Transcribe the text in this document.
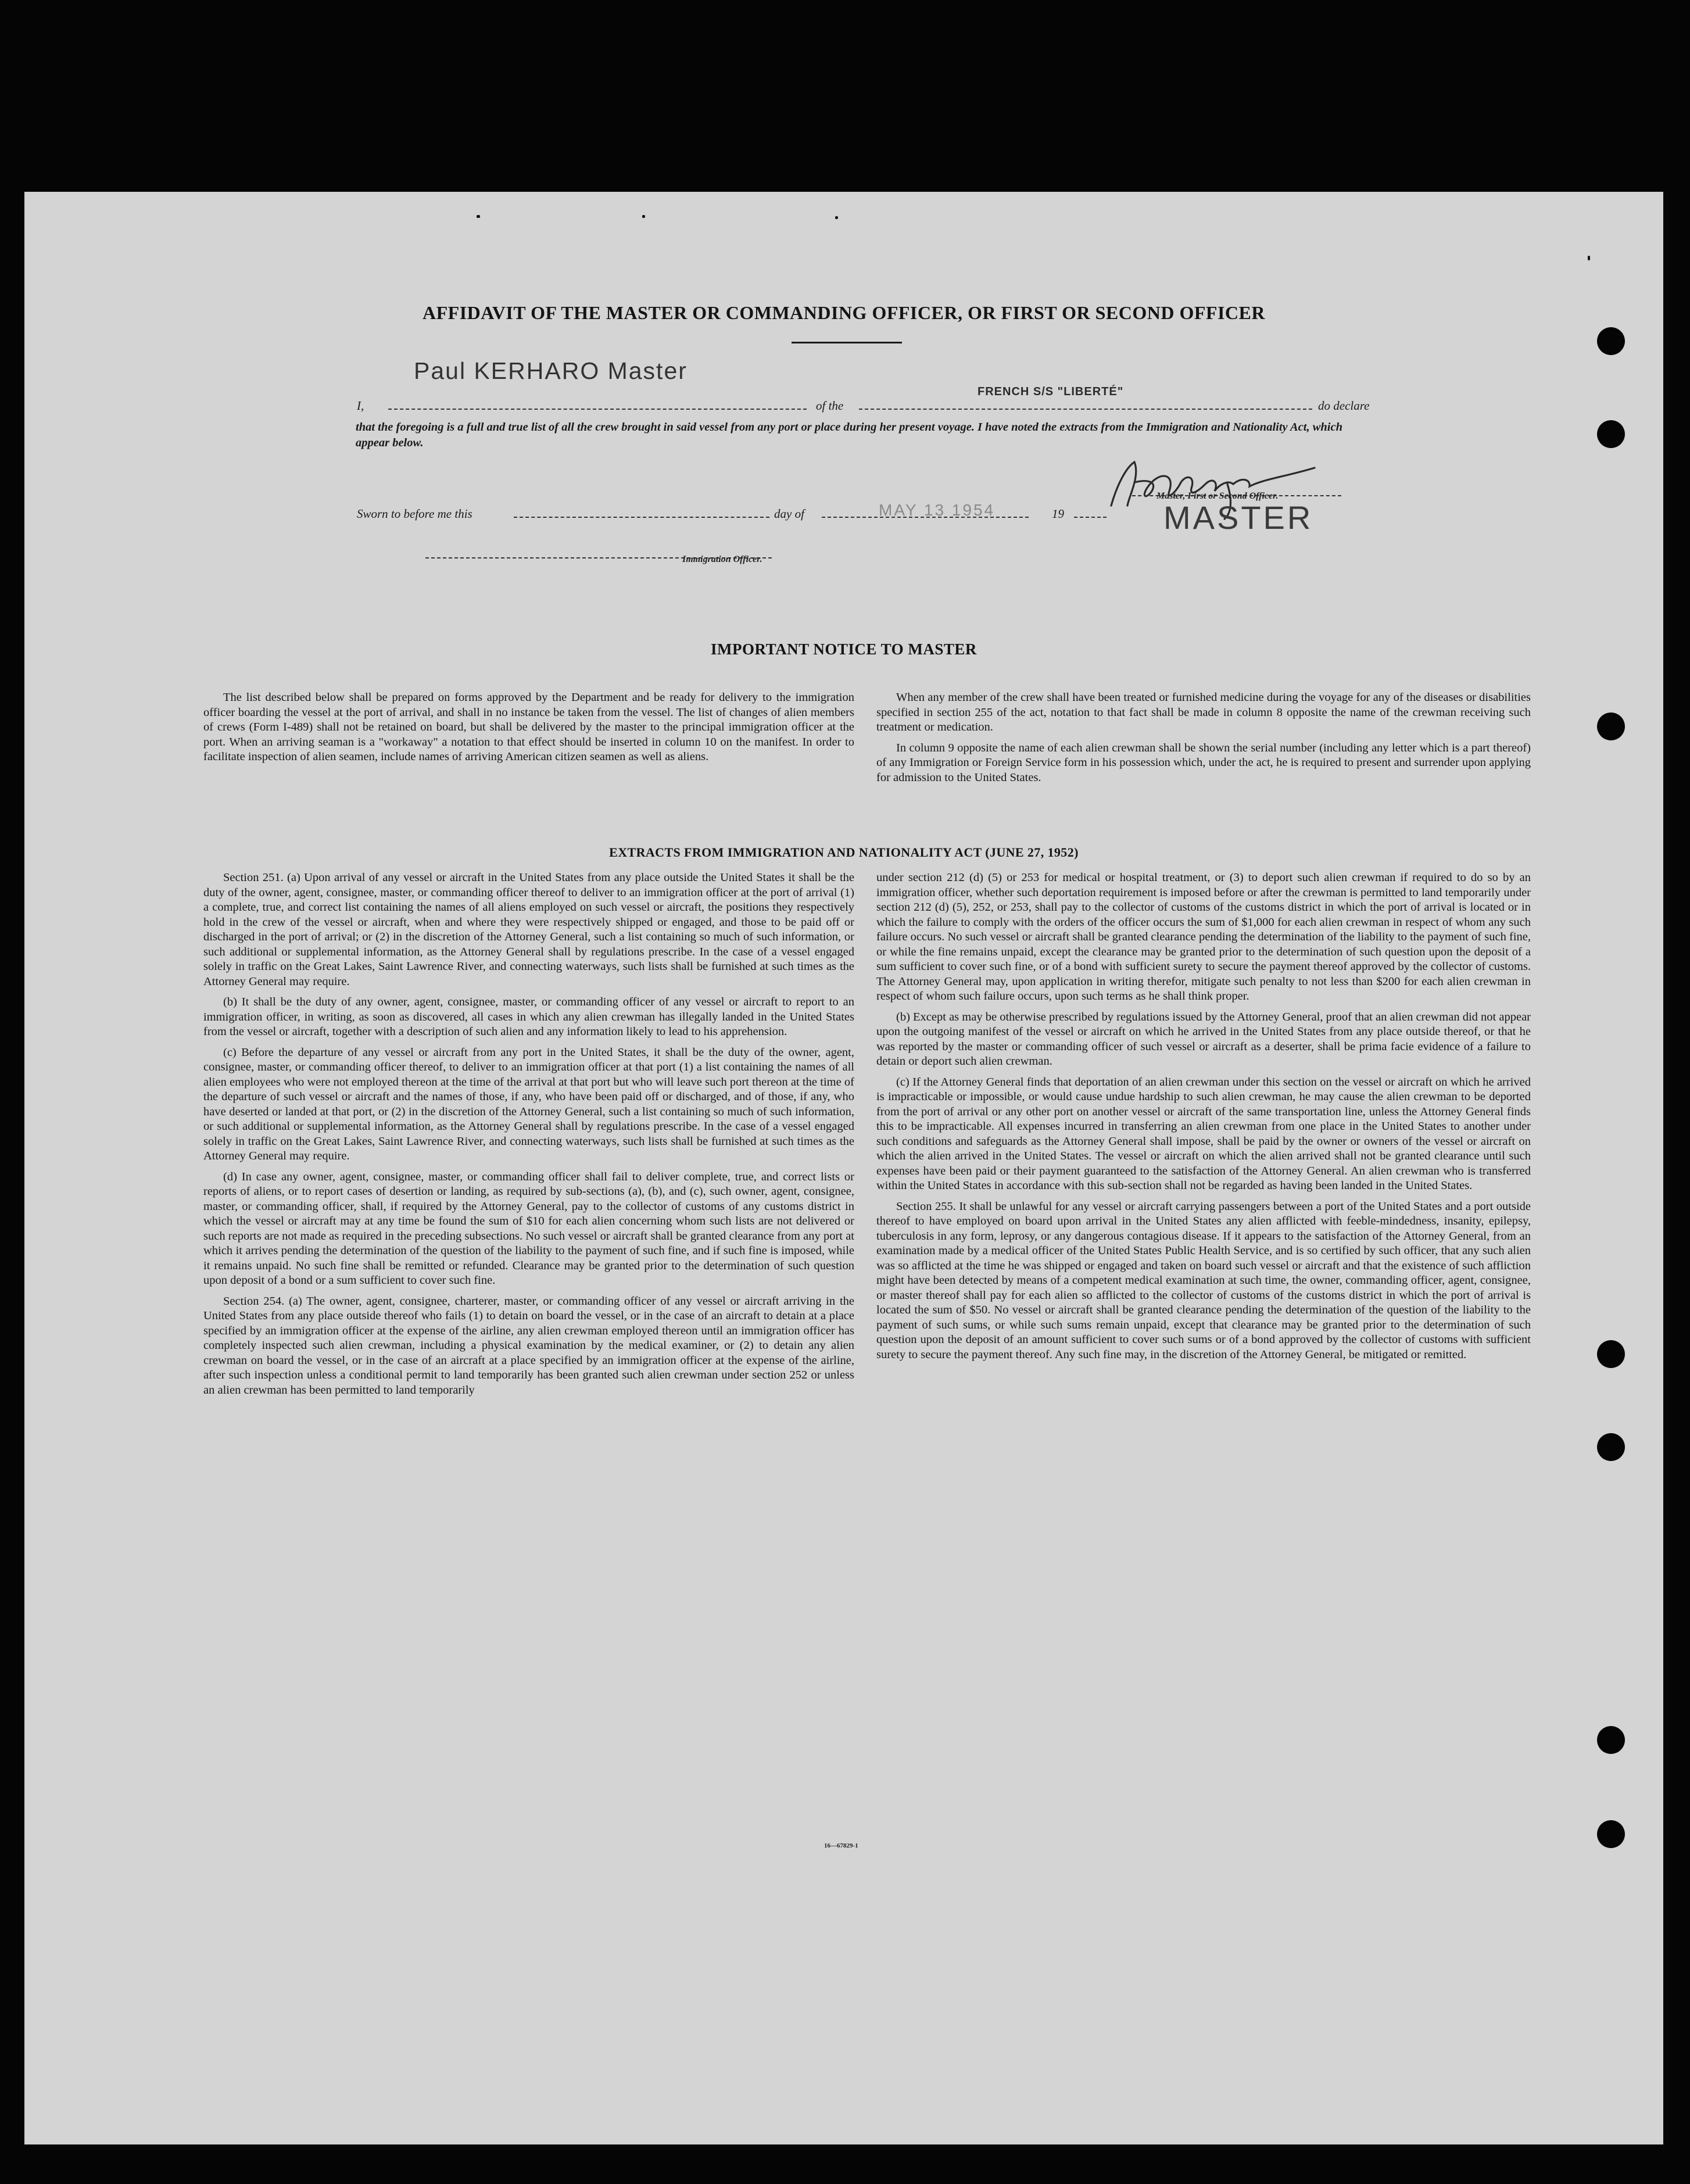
AFFIDAVIT OF THE MASTER OR COMMANDING OFFICER, OR FIRST OR SECOND OFFICER
I,
Paul KERHARO Master
of the
FRENCH S/S "LIBERTÉ"
do declare
that the foregoing is a full and true list of all the crew brought in said vessel from any port or place during her present voyage. I have noted the extracts from the Immigration and Nationality Act, which appear below.
Master, First or Second Officer.
Sworn to before me this	day of	MAY 13 1954	19	MASTER
Immigration Officer.
IMPORTANT NOTICE TO MASTER

The list described below shall be prepared on forms approved by the Department and be ready for delivery to the immigration officer boarding the vessel at the port of arrival, and shall in no instance be taken from the vessel. The list of changes of alien members of crews (Form I-489) shall not be retained on board, but shall be delivered by the master to the principal immigration officer at the port. When an arriving seaman is a "workaway" a notation to that effect should be inserted in column 10 on the manifest. In order to facilitate inspection of alien seamen, include names of arriving American citizen seamen as well as aliens.

When any member of the crew shall have been treated or furnished medicine during the voyage for any of the diseases or disabilities specified in section 255 of the act, notation to that fact shall be made in column 8 opposite the name of the crewman receiving such treatment or medication.

In column 9 opposite the name of each alien crewman shall be shown the serial number (including any letter which is a part thereof) of any Immigration or Foreign Service form in his possession which, under the act, he is required to present and surrender upon applying for admission to the United States.

EXTRACTS FROM IMMIGRATION AND NATIONALITY ACT (JUNE 27, 1952)

Section 251. (a) Upon arrival of any vessel or aircraft in the United States from any place outside the United States it shall be the duty of the owner, agent, consignee, master, or commanding officer thereof to deliver to an immigration officer at the port of arrival (1) a complete, true, and correct list containing the names of all aliens employed on such vessel or aircraft, the positions they respectively hold in the crew of the vessel or aircraft, when and where they were respectively shipped or engaged, and those to be paid off or discharged in the port of arrival; or (2) in the discretion of the Attorney General, such a list containing so much of such information, or such additional or supplemental information, as the Attorney General shall by regulations prescribe. In the case of a vessel engaged solely in traffic on the Great Lakes, Saint Lawrence River, and connecting waterways, such lists shall be furnished at such times as the Attorney General may require.

(b) It shall be the duty of any owner, agent, consignee, master, or commanding officer of any vessel or aircraft to report to an immigration officer, in writing, as soon as discovered, all cases in which any alien crewman has illegally landed in the United States from the vessel or aircraft, together with a description of such alien and any information likely to lead to his apprehension.

(c) Before the departure of any vessel or aircraft from any port in the United States, it shall be the duty of the owner, agent, consignee, master, or commanding officer thereof, to deliver to an immigration officer at that port (1) a list containing the names of all alien employees who were not employed thereon at the time of the arrival at that port but who will leave such port thereon at the time of the departure of such vessel or aircraft and the names of those, if any, who have been paid off or discharged, and of those, if any, who have deserted or landed at that port, or (2) in the discretion of the Attorney General, such a list containing so much of such information, or such additional or supplemental information, as the Attorney General shall by regulations prescribe. In the case of a vessel engaged solely in traffic on the Great Lakes, Saint Lawrence River, and connecting waterways, such lists shall be furnished at such times as the Attorney General may require.

(d) In case any owner, agent, consignee, master, or commanding officer shall fail to deliver complete, true, and correct lists or reports of aliens, or to report cases of desertion or landing, as required by sub-sections (a), (b), and (c), such owner, agent, consignee, master, or commanding officer, shall, if required by the Attorney General, pay to the collector of customs of any customs district in which the vessel or aircraft may at any time be found the sum of $10 for each alien concerning whom such lists are not delivered or such reports are not made as required in the preceding subsections. No such vessel or aircraft shall be granted clearance from any port at which it arrives pending the determination of the question of the liability to the payment of such fine, and if such fine is imposed, while it remains unpaid. No such fine shall be remitted or refunded. Clearance may be granted prior to the determination of such question upon deposit of a bond or a sum sufficient to cover such fine.

Section 254. (a) The owner, agent, consignee, charterer, master, or commanding officer of any vessel or aircraft arriving in the United States from any place outside thereof who fails (1) to detain on board the vessel, or in the case of an aircraft to detain at a place specified by an immigration officer at the expense of the airline, any alien crewman employed thereon until an immigration officer has completely inspected such alien crewman, including a physical examination by the medical examiner, or (2) to detain any alien crewman on board the vessel, or in the case of an aircraft at a place specified by an immigration officer at the expense of the airline, after such inspection unless a conditional permit to land temporarily has been granted such alien crewman under section 252 or unless an alien crewman has been permitted to land temporarily

under section 212 (d) (5) or 253 for medical or hospital treatment, or (3) to deport such alien crewman if required to do so by an immigration officer, whether such deportation requirement is imposed before or after the crewman is permitted to land temporarily under section 212 (d) (5), 252, or 253, shall pay to the collector of customs of the customs district in which the port of arrival is located or in which the failure to comply with the orders of the officer occurs the sum of $1,000 for each alien crewman in respect of whom any such failure occurs. No such vessel or aircraft shall be granted clearance pending the determination of the liability to the payment of such fine, or while the fine remains unpaid, except the clearance may be granted prior to the determination of such question upon the deposit of a sum sufficient to cover such fine, or of a bond with sufficient surety to secure the payment thereof approved by the collector of customs. The Attorney General may, upon application in writing therefor, mitigate such penalty to not less than $200 for each alien crewman in respect of whom such failure occurs, upon such terms as he shall think proper.

(b) Except as may be otherwise prescribed by regulations issued by the Attorney General, proof that an alien crewman did not appear upon the outgoing manifest of the vessel or aircraft on which he arrived in the United States from any place outside thereof, or that he was reported by the master or commanding officer of such vessel or aircraft as a deserter, shall be prima facie evidence of a failure to detain or deport such alien crewman.

(c) If the Attorney General finds that deportation of an alien crewman under this section on the vessel or aircraft on which he arrived is impracticable or impossible, or would cause undue hardship to such alien crewman, he may cause the alien crewman to be deported from the port of arrival or any other port on another vessel or aircraft of the same transportation line, unless the Attorney General finds this to be impracticable. All expenses incurred in transferring an alien crewman from one place in the United States to another under such conditions and safeguards as the Attorney General shall impose, shall be paid by the owner or owners of the vessel or aircraft on which the alien arrived in the United States. The vessel or aircraft on which the alien arrived shall not be granted clearance until such expenses have been paid or their payment guaranteed to the satisfaction of the Attorney General. An alien crewman who is transferred within the United States in accordance with this sub-section shall not be regarded as having been landed in the United States.

Section 255. It shall be unlawful for any vessel or aircraft carrying passengers between a port of the United States and a port outside thereof to have employed on board upon arrival in the United States any alien afflicted with feeble-mindedness, insanity, epilepsy, tuberculosis in any form, leprosy, or any dangerous contagious disease. If it appears to the satisfaction of the Attorney General, from an examination made by a medical officer of the United States Public Health Service, and is so certified by such officer, that any such alien was so afflicted at the time he was shipped or engaged and taken on board such vessel or aircraft and that the existence of such affliction might have been detected by means of a competent medical examination at such time, the owner, commanding officer, agent, consignee, or master thereof shall pay for each alien so afflicted to the collector of customs of the customs district in which the port of arrival is located the sum of $50. No vessel or aircraft shall be granted clearance pending the determination of the question of the liability to the payment of such sums, or while such sums remain unpaid, except that clearance may be granted prior to the determination of such question upon the deposit of an amount sufficient to cover such sums or of a bond approved by the collector of customs with sufficient surety to secure the payment thereof. Any such fine may, in the discretion of the Attorney General, be mitigated or remitted.

16—67829-1
